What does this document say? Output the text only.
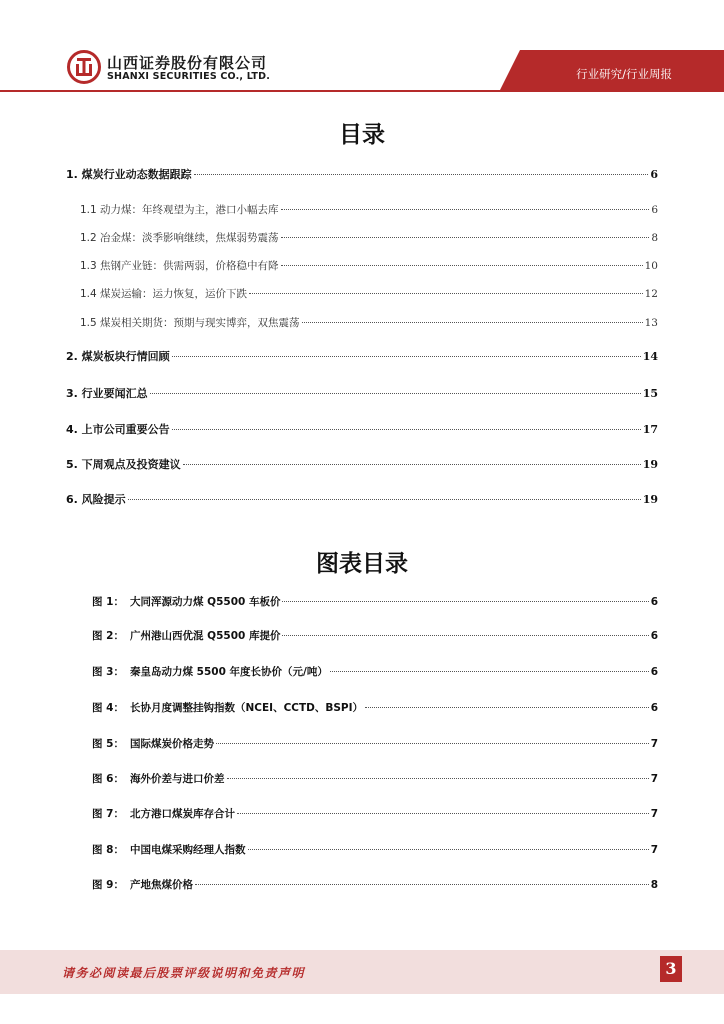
山西证券股份有限公司
SHANXI SECURITIES CO., LTD.	行业研究/行业周报
目录
1. 煤炭行业动态数据跟踪	6
1.1 动力煤：年终观望为主，港口小幅去库	6
1.2 冶金煤：淡季影响继续，焦煤弱势震荡	8
1.3 焦钢产业链：供需两弱，价格稳中有降	10
1.4 煤炭运输：运力恢复，运价下跌	12
1.5 煤炭相关期货：预期与现实博弈，双焦震荡	13
2. 煤炭板块行情回顾	14
3. 行业要闻汇总	15
4. 上市公司重要公告	17
5. 下周观点及投资建议	19
6. 风险提示	19
图表目录
图 1： 大同浑源动力煤 Q5500 车板价	6
图 2： 广州港山西优混 Q5500 库提价	6
图 3： 秦皇岛动力煤 5500 年度长协价（元/吨）	6
图 4： 长协月度调整挂钩指数（NCEI、CCTD、BSPI）	6
图 5： 国际煤炭价格走势	7
图 6： 海外价差与进口价差	7
图 7： 北方港口煤炭库存合计	7
图 8： 中国电煤采购经理人指数	7
图 9： 产地焦煤价格	8
请务必阅读最后股票评级说明和免责声明	3
